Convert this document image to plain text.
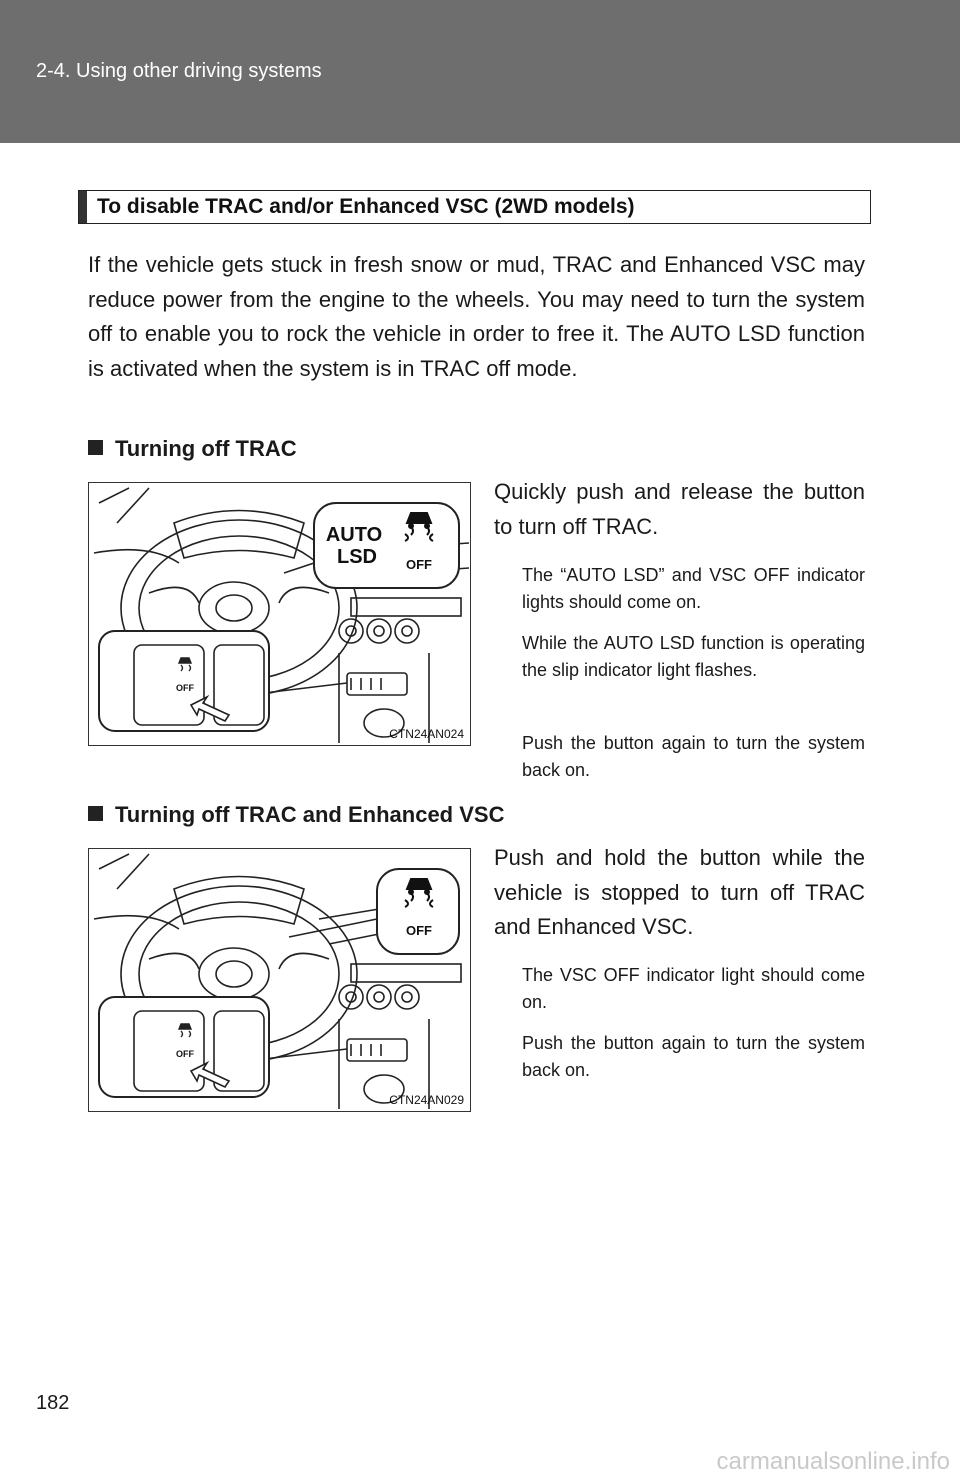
2-4. Using other driving systems
To disable TRAC and/or Enhanced VSC (2WD models)
If the vehicle gets stuck in fresh snow or mud, TRAC and Enhanced VSC may reduce power from the engine to the wheels. You may need to turn the system off to enable you to rock the vehicle in order to free it. The AUTO LSD function is activated when the system is in TRAC off mode.
Turning off TRAC
AUTO
LSD OFF
OFF
CTN24AN024
Quickly push and release the button to turn off TRAC.
The “AUTO LSD” and VSC OFF indicator lights should come on.
While the AUTO LSD function is operating the slip indicator light flashes.
Push the button again to turn the system back on.
Turning off TRAC and Enhanced VSC
OFF
OFF
CTN24AN029
Push and hold the button while the vehicle is stopped to turn off TRAC and Enhanced VSC.
The VSC OFF indicator light should come on.
Push the button again to turn the system back on.
182
carmanualsonline.info
